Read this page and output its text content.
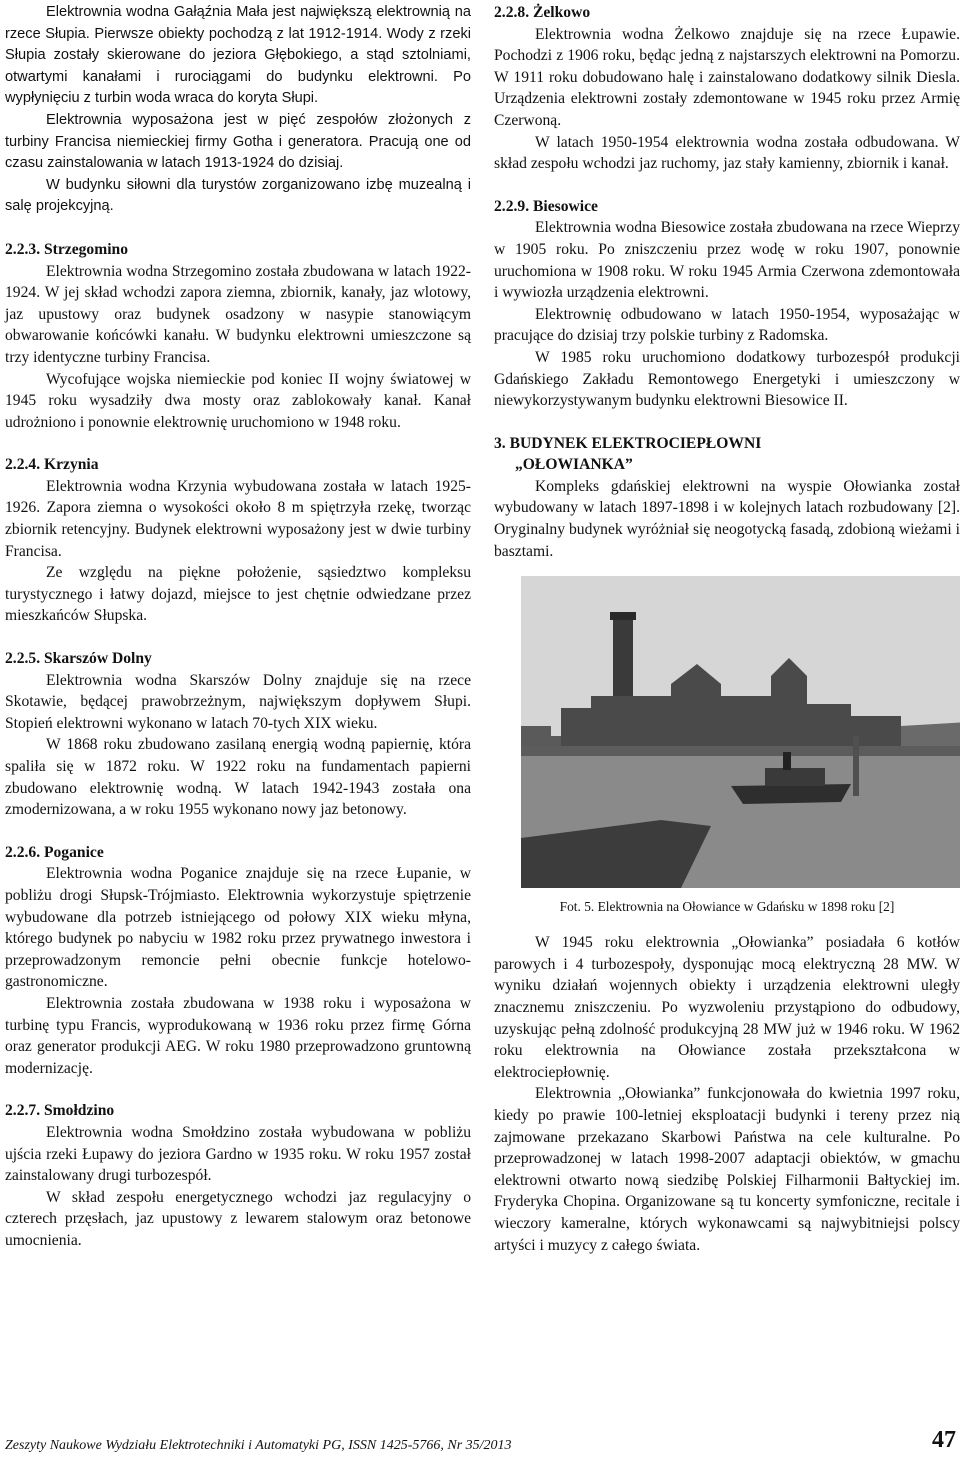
Elektrownia wodna Gałąźnia Mała jest największą elektrownią na rzece Słupia. Pierwsze obiekty pochodzą z lat 1912-1914. Wody z rzeki Słupia zostały skierowane do jeziora Głębokiego, a stąd sztolniami, otwartymi kanałami i rurociągami do budynku elektrowni. Po wypłynięciu z turbin woda wraca do koryta Słupi.

Elektrownia wyposażona jest w pięć zespołów złożonych z turbiny Francisa niemieckiej firmy Gotha i generatora. Pracują one od czasu zainstalowania w latach 1913-1924 do dzisiaj.

W budynku siłowni dla turystów zorganizowano izbę muzealną i salę projekcyjną.

2.2.3. Strzegomino

Elektrownia wodna Strzegomino została zbudowana w latach 1922-1924. W jej skład wchodzi zapora ziemna, zbiornik, kanały, jaz wlotowy, jaz upustowy oraz budynek osadzony w nasypie stanowiącym obwarowanie końcówki kanału. W budynku elektrowni umieszczone są trzy identyczne turbiny Francisa.

Wycofujące wojska niemieckie pod koniec II wojny światowej w 1945 roku wysadziły dwa mosty oraz zablokowały kanał. Kanał udrożniono i ponownie elektrownię uruchomiono w 1948 roku.

2.2.4. Krzynia

Elektrownia wodna Krzynia wybudowana została w latach 1925-1926. Zapora ziemna o wysokości około 8 m spiętrzyła rzekę, tworząc zbiornik retencyjny. Budynek elektrowni wyposażony jest w dwie turbiny Francisa.

Ze względu na piękne położenie, sąsiedztwo kompleksu turystycznego i łatwy dojazd, miejsce to jest chętnie odwiedzane przez mieszkańców Słupska.

2.2.5. Skarszów Dolny

Elektrownia wodna Skarszów Dolny znajduje się na rzece Skotawie, będącej prawobrzeżnym, największym dopływem Słupi. Stopień elektrowni wykonano w latach 70-tych XIX wieku.

W 1868 roku zbudowano zasilaną energią wodną papiernię, która spaliła się w 1872 roku. W 1922 roku na fundamentach papierni zbudowano elektrownię wodną. W latach 1942-1943 została ona zmodernizowana, a w roku 1955 wykonano nowy jaz betonowy.

2.2.6. Poganice

Elektrownia wodna Poganice znajduje się na rzece Łupanie, w pobliżu drogi Słupsk-Trójmiasto. Elektrownia wykorzystuje spiętrzenie wybudowane dla potrzeb istniejącego od połowy XIX wieku młyna, którego budynek po nabyciu w 1982 roku przez prywatnego inwestora i przeprowadzonym remoncie pełni obecnie funkcje hotelowo-gastronomiczne.

Elektrownia została zbudowana w 1938 roku i wyposażona w turbinę typu Francis, wyprodukowaną w 1936 roku przez firmę Górna oraz generator produkcji AEG. W roku 1980 przeprowadzono gruntowną modernizację.

2.2.7. Smołdzino

Elektrownia wodna Smołdzino została wybudowana w pobliżu ujścia rzeki Łupawy do jeziora Gardno w 1935 roku. W roku 1957 został zainstalowany drugi turbozespół.

W skład zespołu energetycznego wchodzi jaz regulacyjny o czterech przęsłach, jaz upustowy z lewarem stalowym oraz betonowe umocnienia.

2.2.8. Żelkowo

Elektrownia wodna Żelkowo znajduje się na rzece Łupawie. Pochodzi z 1906 roku, będąc jedną z najstarszych elektrowni na Pomorzu. W 1911 roku dobudowano halę i zainstalowano dodatkowy silnik Diesla. Urządzenia elektrowni zostały zdemontowane w 1945 roku przez Armię Czerwoną.

W latach 1950-1954 elektrownia wodna została odbudowana. W skład zespołu wchodzi jaz ruchomy, jaz stały kamienny, zbiornik i kanał.

2.2.9. Biesowice

Elektrownia wodna Biesowice została zbudowana na rzece Wieprzy w 1905 roku. Po zniszczeniu przez wodę w roku 1907, ponownie uruchomiona w 1908 roku. W roku 1945 Armia Czerwona zdemontowała i wywiozła urządzenia elektrowni.

Elektrownię odbudowano w latach 1950-1954, wyposażając w pracujące do dzisiaj trzy polskie turbiny z Radomska.

W 1985 roku uruchomiono dodatkowy turbozespół produkcji Gdańskiego Zakładu Remontowego Energetyki i umieszczony w niewykorzystywanym budynku elektrowni Biesowice II.

3. BUDYNEK ELEKTROCIEPŁOWNI
„OŁOWIANKA”

Kompleks gdańskiej elektrowni na wyspie Ołowianka został wybudowany w latach 1897-1898 i w kolejnych latach rozbudowany [2]. Oryginalny budynek wyróżniał się neogotycką fasadą, zdobioną wieżami i basztami.

Fot. 5. Elektrownia na Ołowiance w Gdańsku w 1898 roku [2]

W 1945 roku elektrownia „Ołowianka” posiadała 6 kotłów parowych i 4 turbozespoły, dysponując mocą elektryczną 28 MW. W wyniku działań wojennych obiekty i urządzenia elektrowni uległy znacznemu zniszczeniu. Po wyzwoleniu przystąpiono do odbudowy, uzyskując pełną zdolność produkcyjną 28 MW już w 1946 roku. W 1962 roku elektrownia na Ołowiance została przekształcona w elektrociepłownię.

Elektrownia „Ołowianka” funkcjonowała do kwietnia 1997 roku, kiedy po prawie 100-letniej eksploatacji budynki i tereny przez nią zajmowane przekazano Skarbowi Państwa na cele kulturalne. Po przeprowadzonej w latach 1998-2007 adaptacji obiektów, w gmachu elektrowni otwarto nową siedzibę Polskiej Filharmonii Bałtyckiej im. Fryderyka Chopina. Organizowane są tu koncerty symfoniczne, recitale i wieczory kameralne, których wykonawcami są najwybitniejsi polscy artyści i muzycy z całego świata.

Zeszyty Naukowe Wydziału Elektrotechniki i Automatyki PG, ISSN 1425-5766, Nr 35/2013	47
